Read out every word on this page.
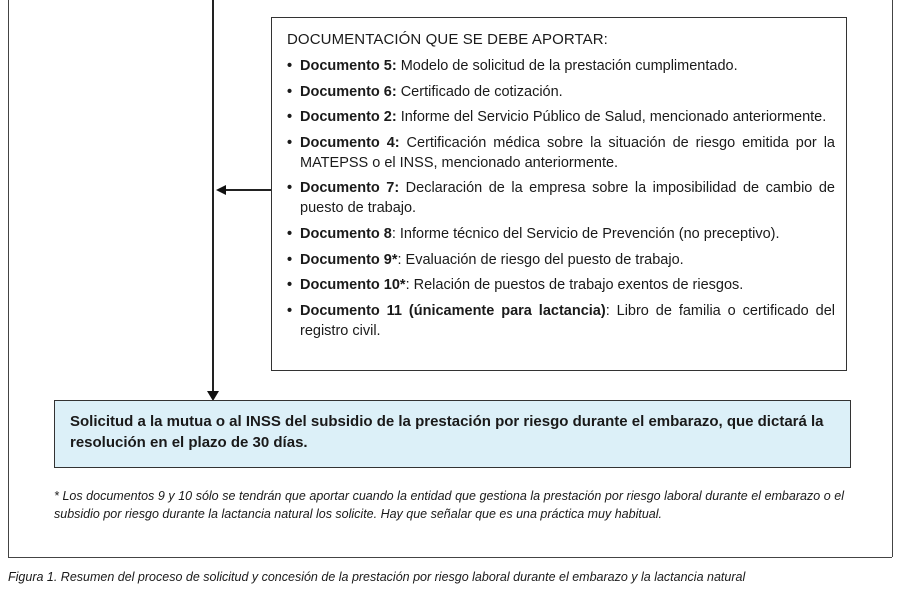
DOCUMENTACIÓN QUE SE DEBE APORTAR:
• Documento 5: Modelo de solicitud de la prestación cumplimentado.
• Documento 6: Certificado de cotización.
• Documento 2: Informe del Servicio Público de Salud, mencionado anteriormente.
• Documento 4: Certificación médica sobre la situación de riesgo emitida por la MATEPSS o el INSS, mencionado anteriormente.
• Documento 7: Declaración de la empresa sobre la imposibilidad de cambio de puesto de trabajo.
• Documento 8: Informe técnico del Servicio de Prevención (no preceptivo).
• Documento 9*: Evaluación de riesgo del puesto de trabajo.
• Documento 10*: Relación de puestos de trabajo exentos de riesgos.
• Documento 11 (únicamente para lactancia): Libro de familia o certificado del registro civil.
Solicitud a la mutua o al INSS del subsidio de la prestación por riesgo durante el embarazo, que dictará la resolución en el plazo de 30 días.
* Los documentos 9 y 10 sólo se tendrán que aportar cuando la entidad que gestiona la prestación por riesgo laboral durante el embarazo o el subsidio por riesgo durante la lactancia natural los solicite. Hay que señalar que es una práctica muy habitual.
Figura 1. Resumen del proceso de solicitud y concesión de la prestación por riesgo laboral durante el embarazo y la lactancia natural
